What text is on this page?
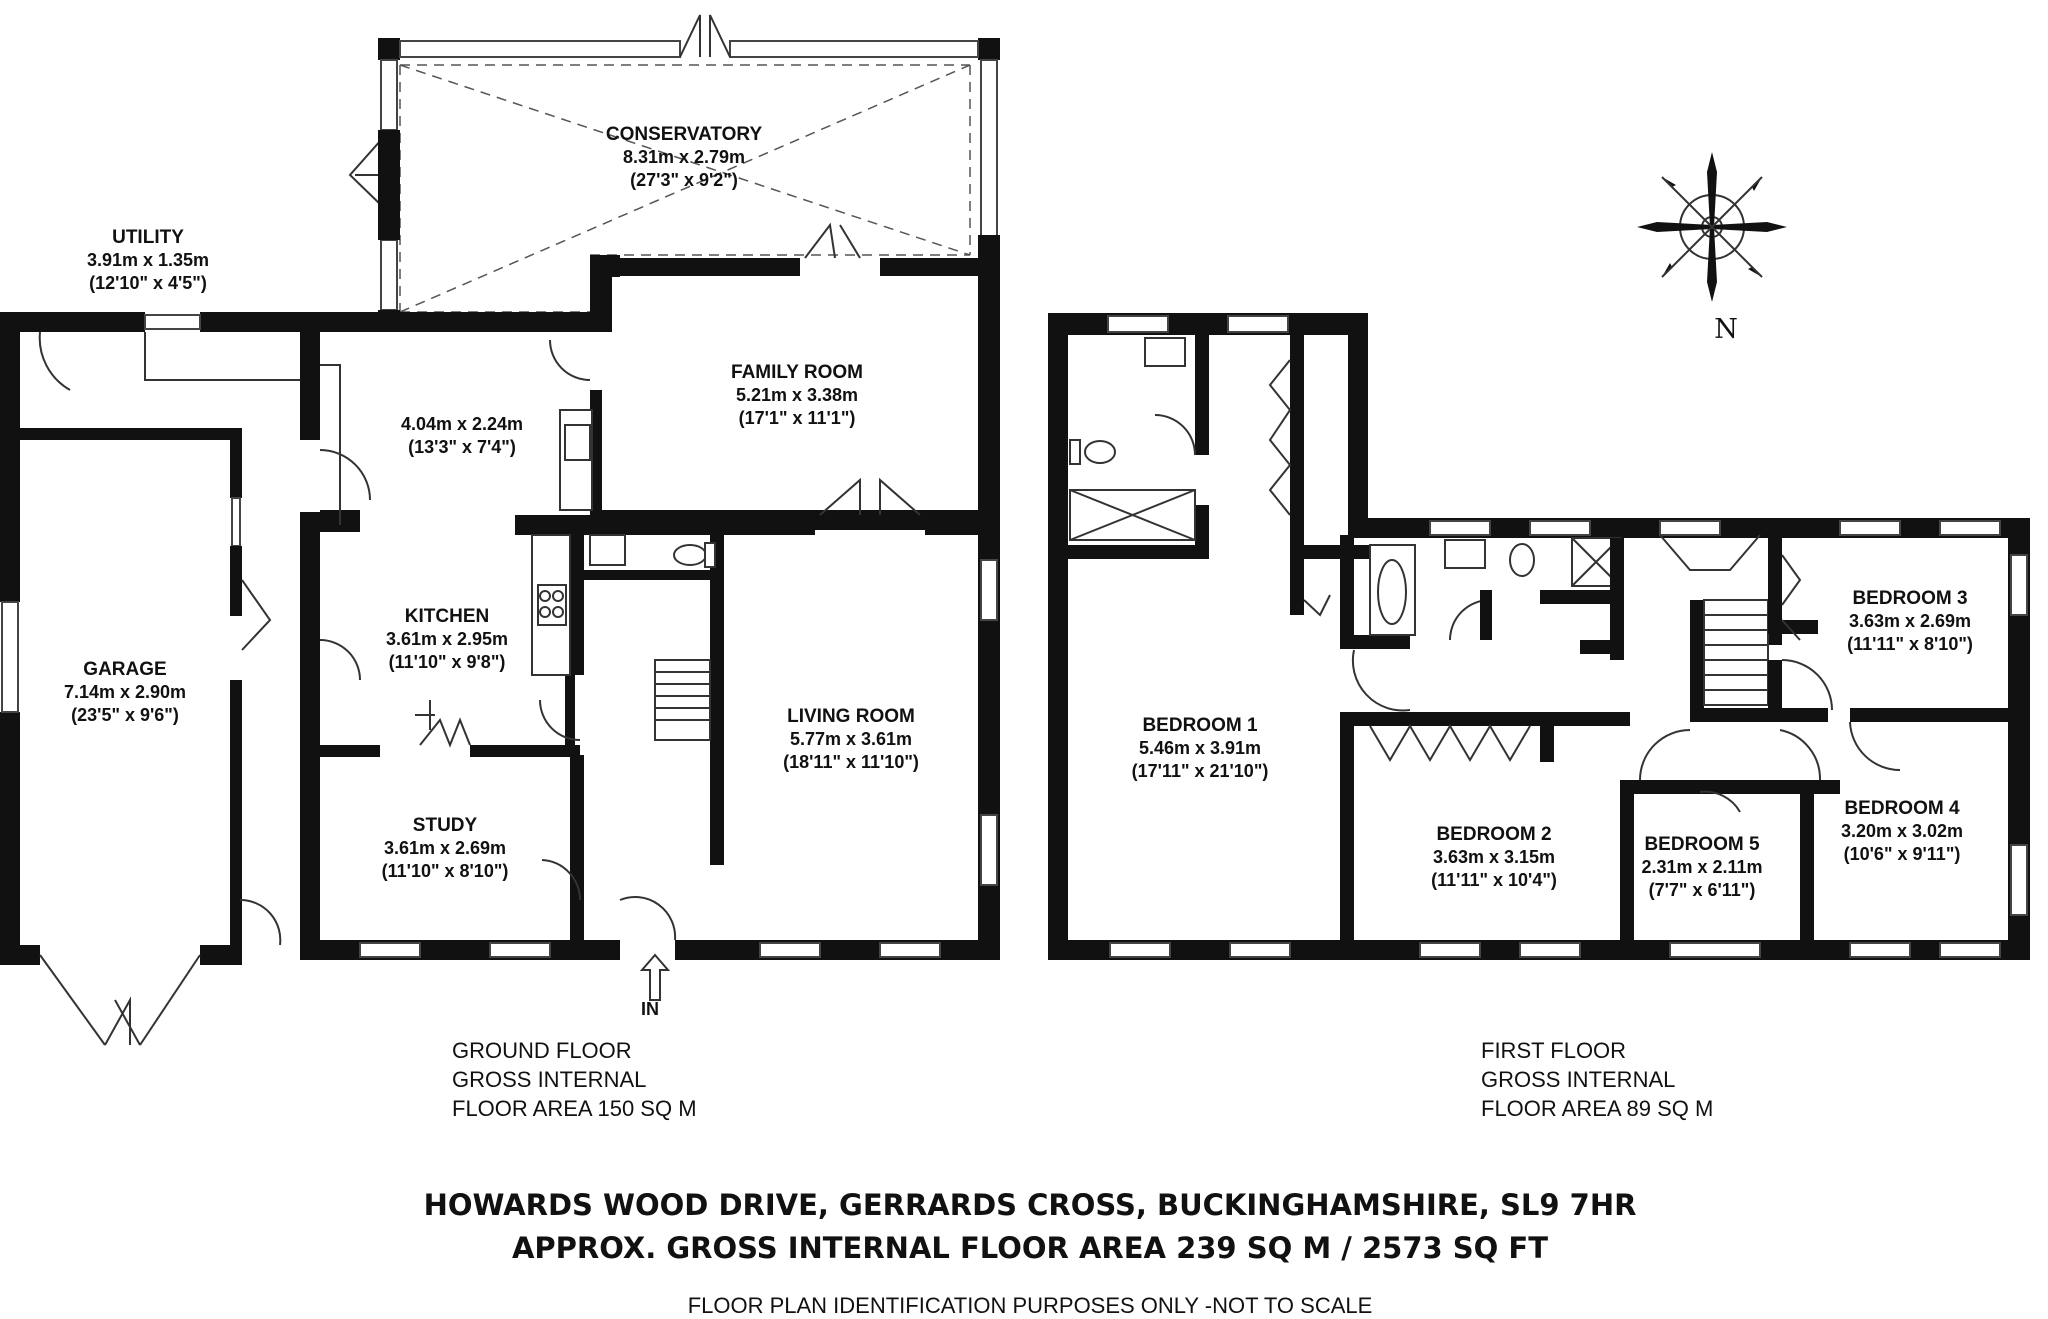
N
CONSERVATORY
8.31m x 2.79m
(27'3" x 9'2")
UTILITY
3.91m x 1.35m
(12'10" x 4'5")
FAMILY ROOM
5.21m x 3.38m
(17'1" x 11'1")
4.04m x 2.24m
(13'3" x 7'4")
KITCHEN
3.61m x 2.95m
(11'10" x 9'8")
GARAGE
7.14m x 2.90m
(23'5" x 9'6")	LIVING ROOM
5.77m x 3.61m
(18'11" x 11'10")
STUDY
3.61m x 2.69m
(11'10" x 8'10")
IN
BEDROOM 1
5.46m x 3.91m
(17'11" x 21'10")
BEDROOM 2
3.63m x 3.15m
(11'11" x 10'4")
BEDROOM 3
3.63m x 2.69m
(11'11" x 8'10")
BEDROOM 4
3.20m x 3.02m
(10'6" x 9'11")
BEDROOM 5
2.31m x 2.11m
(7'7" x 6'11")
GROUND FLOOR
GROSS INTERNAL
FLOOR AREA 150 SQ M
FIRST FLOOR
GROSS INTERNAL
FLOOR AREA 89 SQ M
HOWARDS WOOD DRIVE, GERRARDS CROSS, BUCKINGHAMSHIRE, SL9 7HR
APPROX. GROSS INTERNAL FLOOR AREA 239 SQ M / 2573 SQ FT
FLOOR PLAN IDENTIFICATION PURPOSES ONLY -NOT TO SCALE
